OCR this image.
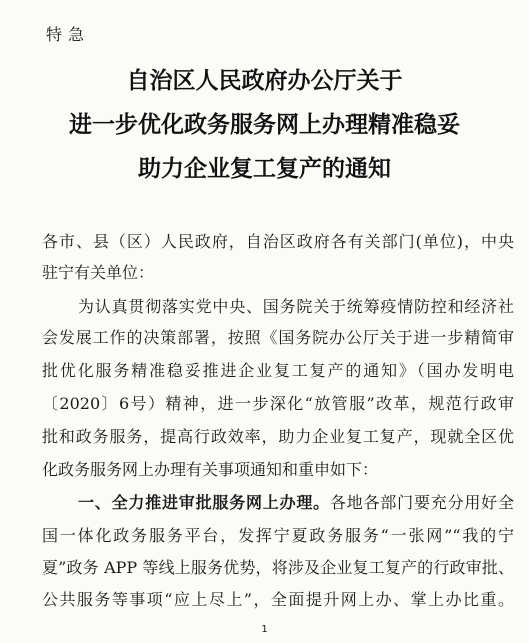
特急
自治区人民政府办公厅关于
进一步优化政务服务网上办理精准稳妥
助力企业复工复产的通知
各市、县（区）人民政府，自治区政府各有关部门(单位)，中央
驻宁有关单位：
为认真贯彻落实党中央、国务院关于统筹疫情防控和经济社
会发展工作的决策部署，按照《国务院办公厅关于进一步精简审
批优化服务精准稳妥推进企业复工复产的通知》（国办发明电
〔2020〕6号）精神，进一步深化“放管服”改革，规范行政审
批和政务服务，提高行政效率，助力企业复工复产，现就全区优
化政务服务网上办理有关事项通知和重申如下：
一、全力推进审批服务网上办理。各地各部门要充分用好全
国一体化政务服务平台，发挥宁夏政务服务“一张网”“我的宁
夏”政务 APP 等线上服务优势，将涉及企业复工复产的行政审批、
公共服务等事项“应上尽上”，全面提升网上办、掌上办比重。
1
